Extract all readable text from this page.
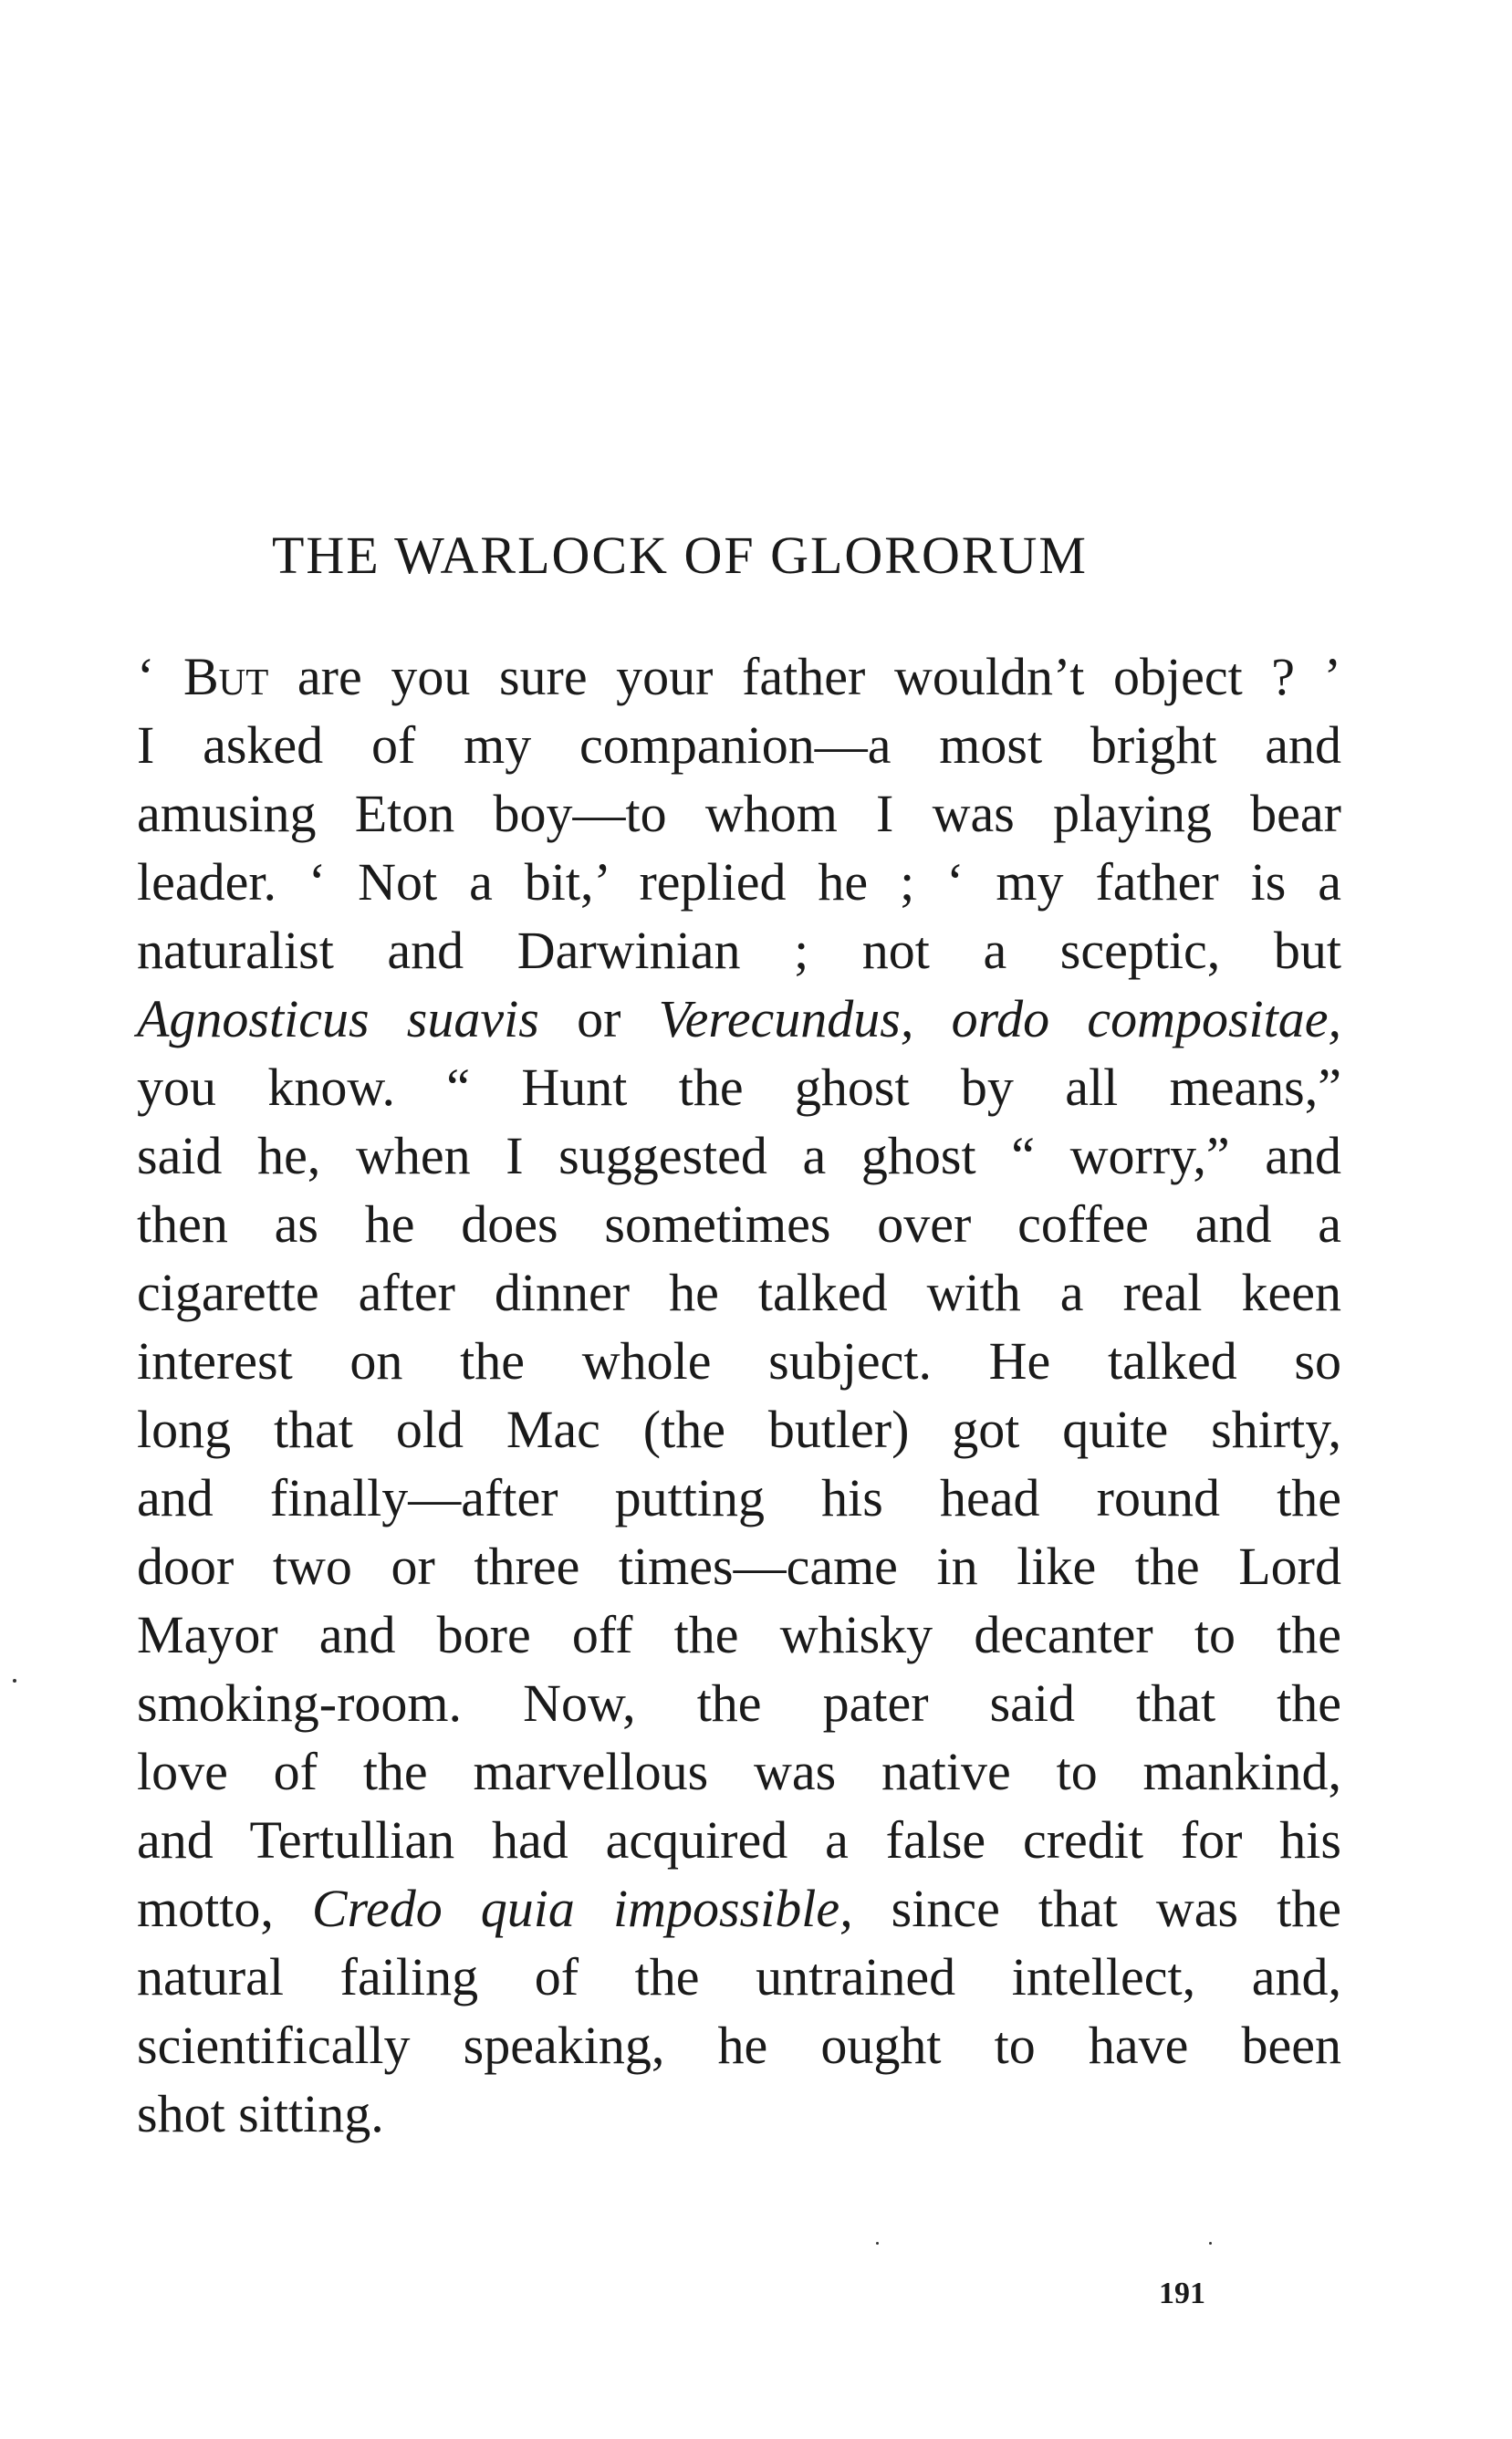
THE WARLOCK OF GLORORUM
‘ But are you sure your father wouldn’t object ? ’
I asked of my companion—a most bright and
amusing Eton boy—to whom I was playing bear
leader. ‘ Not a bit,’ replied he ; ‘ my father is a
naturalist and Darwinian ; not a sceptic, but
Agnosticus suavis or Verecundus, ordo compositae,
you know. “ Hunt the ghost by all means,”
said he, when I suggested a ghost “ worry,” and
then as he does sometimes over coffee and a
cigarette after dinner he talked with a real keen
interest on the whole subject. He talked so
long that old Mac (the butler) got quite shirty,
and finally—after putting his head round the
door two or three times—came in like the Lord
Mayor and bore off the whisky decanter to the
smoking-room. Now, the pater said that the
love of the marvellous was native to mankind,
and Tertullian had acquired a false credit for his
motto, Credo quia impossible, since that was the
natural failing of the untrained intellect, and,
scientifically speaking, he ought to have been
shot sitting.

191
